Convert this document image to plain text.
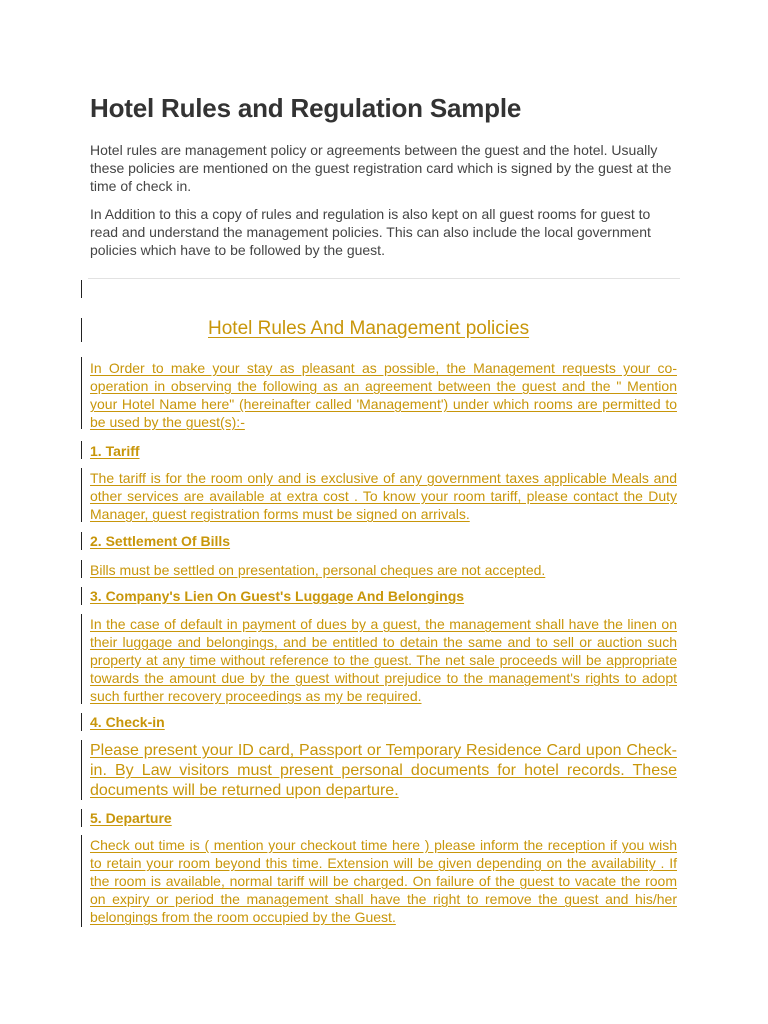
Hotel Rules and Regulation Sample

Hotel rules are management policy or agreements between the guest and the hotel. Usually these policies are mentioned on the guest registration card which is signed by the guest at the time of check in.

In Addition to this a copy of rules and regulation is also kept on all guest rooms for guest to read and understand the management policies. This can also include the local government policies which have to be followed by the guest.

Hotel Rules And Management policies

In Order to make your stay as pleasant as possible, the Management requests your co-operation in observing the following as an agreement between the guest and the " Mention your Hotel Name here" (hereinafter called 'Management') under which rooms are permitted to be used by the guest(s):-

1. Tariff

The tariff is for the room only and is exclusive of any government taxes applicable Meals and other services are available at extra cost . To know your room tariff, please contact the Duty Manager, guest registration forms must be signed on arrivals.

2. Settlement Of Bills

Bills must be settled on presentation, personal cheques are not accepted.

3. Company's Lien On Guest's Luggage And Belongings

In the case of default in payment of dues by a guest, the management shall have the linen on their luggage and belongings, and be entitled to detain the same and to sell or auction such property at any time without reference to the guest. The net sale proceeds will be appropriate towards the amount due by the guest without prejudice to the management's rights to adopt such further recovery proceedings as my be required.

4. Check-in

Please present your ID card, Passport or Temporary Residence Card upon Check-in. By Law visitors must present personal documents for hotel records. These documents will be returned upon departure.

5. Departure

Check out time is ( mention your checkout time here ) please inform the reception if you wish to retain your room beyond this time. Extension will be given depending on the availability . If the room is available, normal tariff will be charged. On failure of the guest to vacate the room on expiry or period the management shall have the right to remove the guest and his/her belongings from the room occupied by the Guest.
